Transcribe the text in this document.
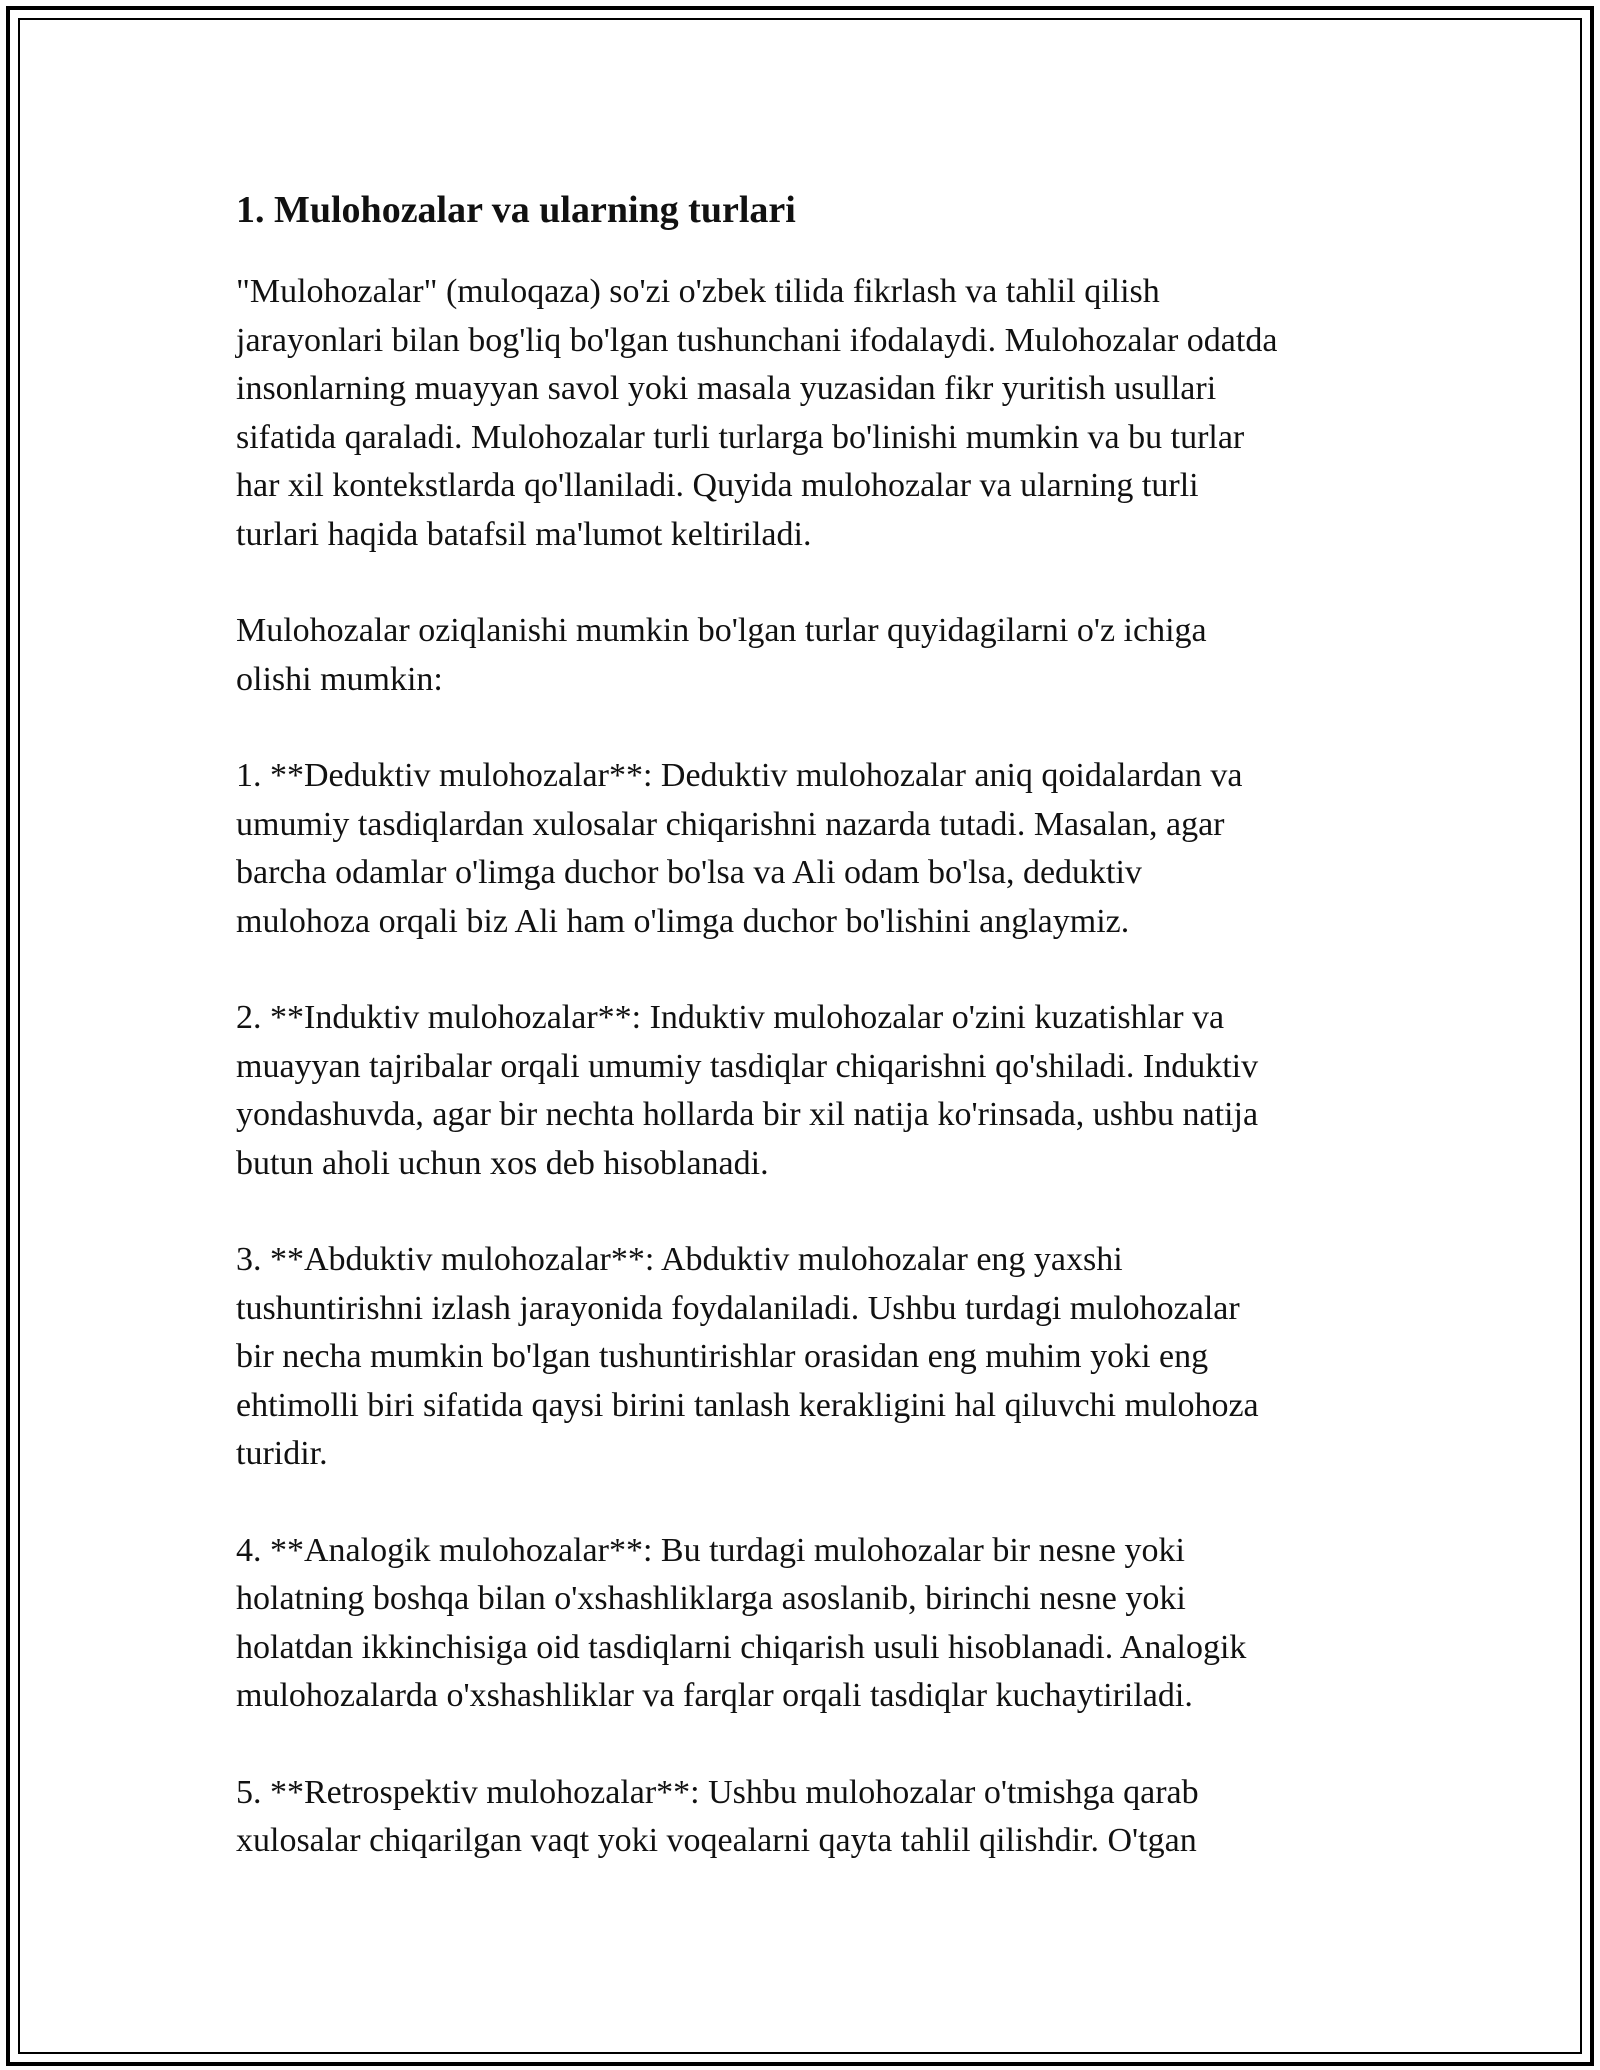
1. Mulohozalar va ularning turlari

"Mulohozalar" (muloqaza) so'zi o'zbek tilida fikrlash va tahlil qilish
jarayonlari bilan bog'liq bo'lgan tushunchani ifodalaydi. Mulohozalar odatda
insonlarning muayyan savol yoki masala yuzasidan fikr yuritish usullari
sifatida qaraladi. Mulohozalar turli turlarga bo'linishi mumkin va bu turlar
har xil kontekstlarda qo'llaniladi. Quyida mulohozalar va ularning turli
turlari haqida batafsil ma'lumot keltiriladi.

Mulohozalar oziqlanishi mumkin bo'lgan turlar quyidagilarni o'z ichiga
olishi mumkin:

1. **Deduktiv mulohozalar**: Deduktiv mulohozalar aniq qoidalardan va
umumiy tasdiqlardan xulosalar chiqarishni nazarda tutadi. Masalan, agar
barcha odamlar o'limga duchor bo'lsa va Ali odam bo'lsa, deduktiv
mulohoza orqali biz Ali ham o'limga duchor bo'lishini anglaymiz.

2. **Induktiv mulohozalar**: Induktiv mulohozalar o'zini kuzatishlar va
muayyan tajribalar orqali umumiy tasdiqlar chiqarishni qo'shiladi. Induktiv
yondashuvda, agar bir nechta hollarda bir xil natija ko'rinsada, ushbu natija
butun aholi uchun xos deb hisoblanadi.

3. **Abduktiv mulohozalar**: Abduktiv mulohozalar eng yaxshi
tushuntirishni izlash jarayonida foydalaniladi. Ushbu turdagi mulohozalar
bir necha mumkin bo'lgan tushuntirishlar orasidan eng muhim yoki eng
ehtimolli biri sifatida qaysi birini tanlash kerakligini hal qiluvchi mulohoza
turidir.

4. **Analogik mulohozalar**: Bu turdagi mulohozalar bir nesne yoki
holatning boshqa bilan o'xshashliklarga asoslanib, birinchi nesne yoki
holatdan ikkinchisiga oid tasdiqlarni chiqarish usuli hisoblanadi. Analogik
mulohozalarda o'xshashliklar va farqlar orqali tasdiqlar kuchaytiriladi.

5. **Retrospektiv mulohozalar**: Ushbu mulohozalar o'tmishga qarab
xulosalar chiqarilgan vaqt yoki voqealarni qayta tahlil qilishdir. O'tgan
